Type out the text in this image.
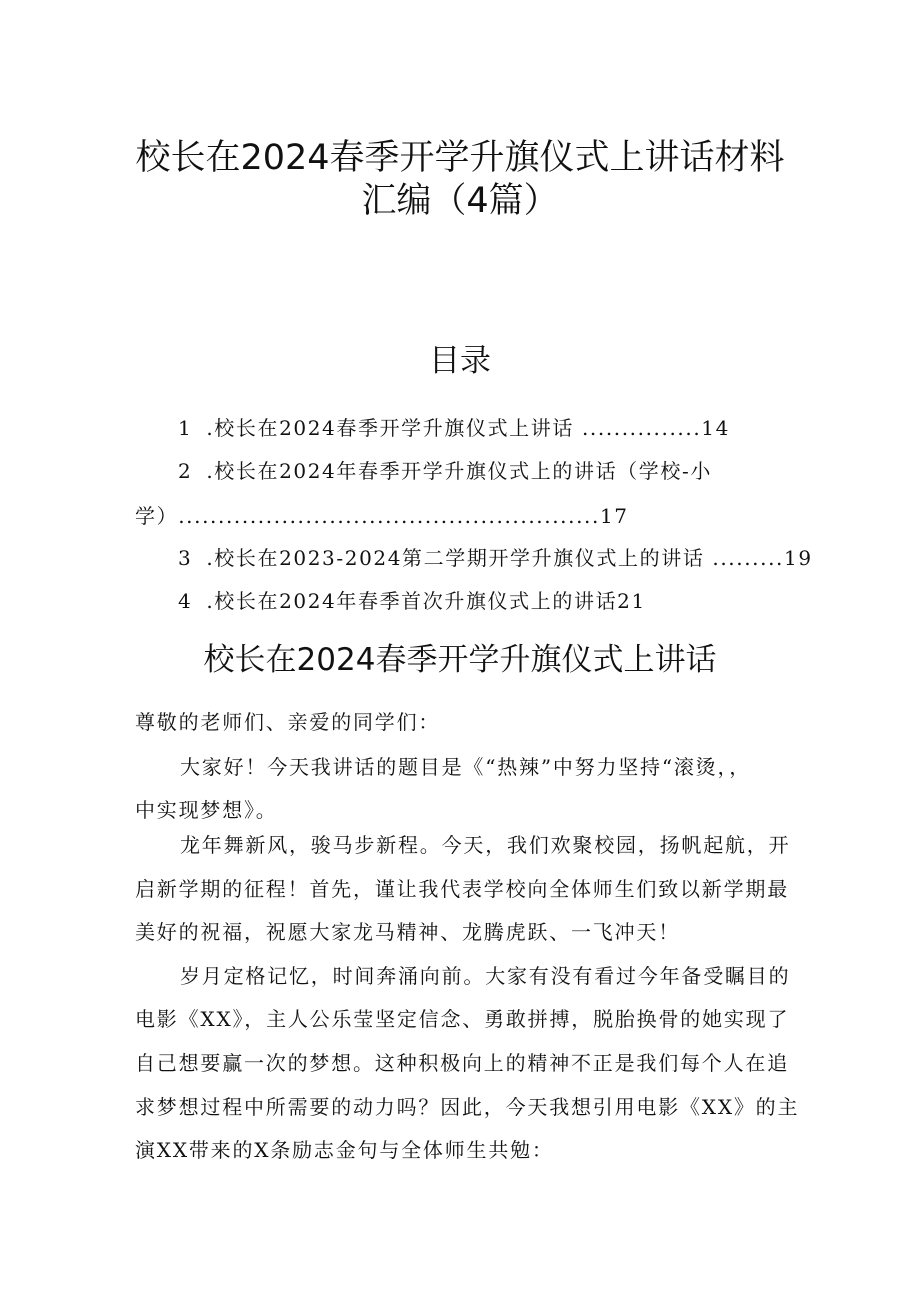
校长在2024春季开学升旗仪式上讲话材料
汇编（4篇）
目录
1 .校长在2024春季开学升旗仪式上讲话 ...............14
2 .校长在2024年春季开学升旗仪式上的讲话（学校-小
学）.....................................................17
3 .校长在2023-2024第二学期开学升旗仪式上的讲话 .........19
4 .校长在2024年春季首次升旗仪式上的讲话21
校长在2024春季开学升旗仪式上讲话
尊敬的老师们、亲爱的同学们：
大家好！今天我讲话的题目是《“热辣”中努力坚持“滚烫，，
中实现梦想》。
龙年舞新风，骏马步新程。今天，我们欢聚校园，扬帆起航，开
启新学期的征程！首先，谨让我代表学校向全体师生们致以新学期最
美好的祝福，祝愿大家龙马精神、龙腾虎跃、一飞冲天！
岁月定格记忆，时间奔涌向前。大家有没有看过今年备受瞩目的
电影《XX》，主人公乐莹坚定信念、勇敢拼搏，脱胎换骨的她实现了
自己想要赢一次的梦想。这种积极向上的精神不正是我们每个人在追
求梦想过程中所需要的动力吗？因此，今天我想引用电影《XX》的主
演XX带来的X条励志金句与全体师生共勉：
